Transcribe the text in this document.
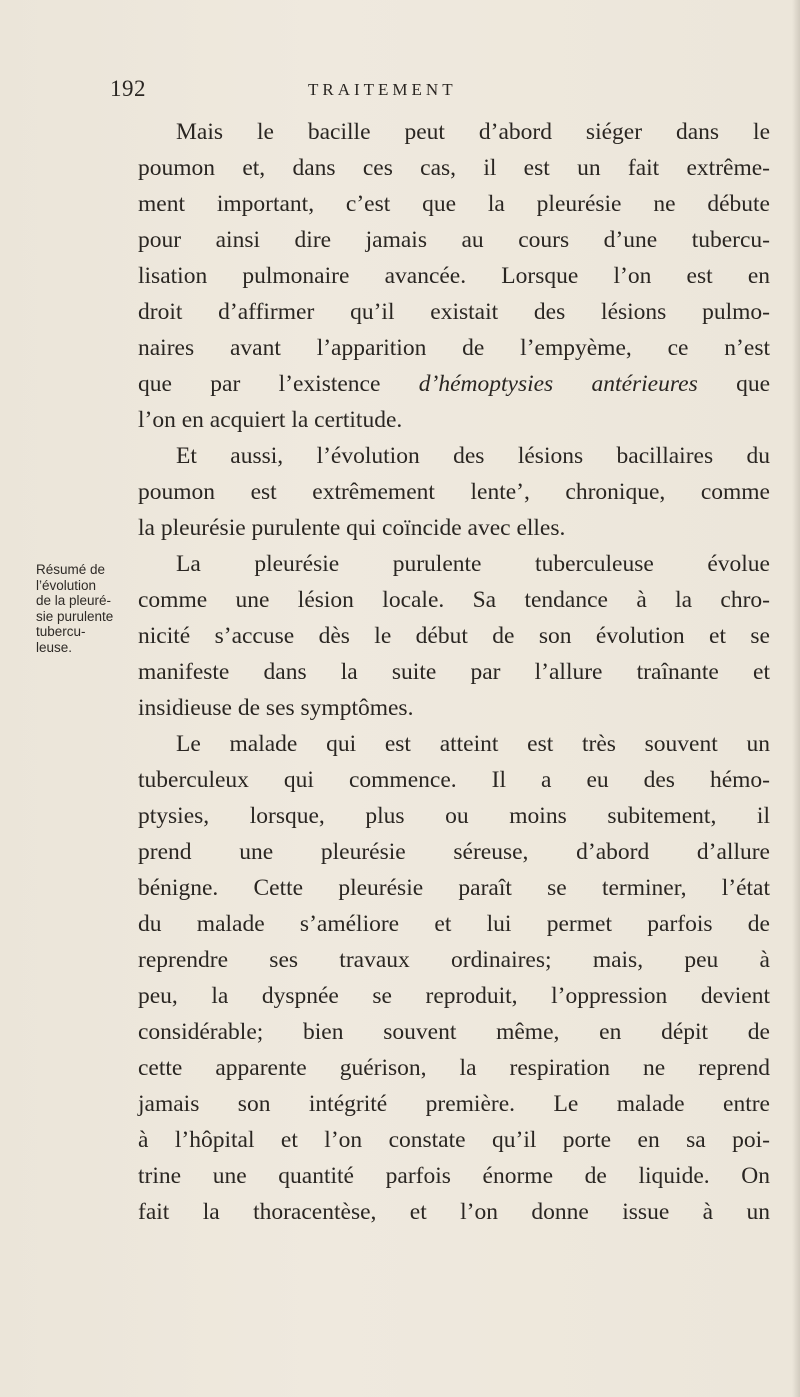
192	TRAITEMENT
Résumé de
l’évolution
de la pleuré-
sie purulente
tubercu-
leuse.
Mais le bacille peut d’abord siéger dans le
poumon et, dans ces cas, il est un fait extrême-
ment important, c’est que la pleurésie ne débute
pour ainsi dire jamais au cours d’une tubercu-
lisation pulmonaire avancée. Lorsque l’on est en
droit d’affirmer qu’il existait des lésions pulmo-
naires avant l’apparition de l’empyème, ce n’est
que par l’existence d’hémoptysies antérieures que
l’on en acquiert la certitude.
Et aussi, l’évolution des lésions bacillaires du
poumon est extrêmement lente’, chronique, comme
la pleurésie purulente qui coïncide avec elles.
La pleurésie purulente tuberculeuse évolue
comme une lésion locale. Sa tendance à la chro-
nicité s’accuse dès le début de son évolution et se
manifeste dans la suite par l’allure traînante et
insidieuse de ses symptômes.
Le malade qui est atteint est très souvent un
tuberculeux qui commence. Il a eu des hémo-
ptysies, lorsque, plus ou moins subitement, il
prend une pleurésie séreuse, d’abord d’allure
bénigne. Cette pleurésie paraît se terminer, l’état
du malade s’améliore et lui permet parfois de
reprendre ses travaux ordinaires; mais, peu à
peu, la dyspnée se reproduit, l’oppression devient
considérable; bien souvent même, en dépit de
cette apparente guérison, la respiration ne reprend
jamais son intégrité première. Le malade entre
à l’hôpital et l’on constate qu’il porte en sa poi-
trine une quantité parfois énorme de liquide. On
fait la thoracentèse, et l’on donne issue à un
